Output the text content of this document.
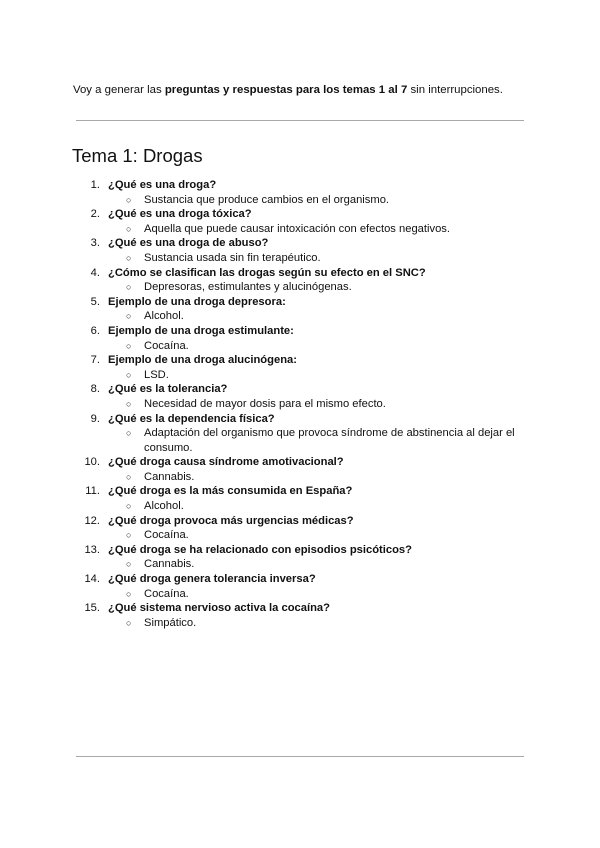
Voy a generar las preguntas y respuestas para los temas 1 al 7 sin interrupciones.

Tema 1: Drogas
1. ¿Qué es una droga?
○	Sustancia que produce cambios en el organismo.
2. ¿Qué es una droga tóxica?
○	Aquella que puede causar intoxicación con efectos negativos.
3. ¿Qué es una droga de abuso?
○	Sustancia usada sin fin terapéutico.
4. ¿Cómo se clasifican las drogas según su efecto en el SNC?
○	Depresoras, estimulantes y alucinógenas.
5. Ejemplo de una droga depresora:
○	Alcohol.
6. Ejemplo de una droga estimulante:
○	Cocaína.
7. Ejemplo de una droga alucinógena:
○	LSD.
8. ¿Qué es la tolerancia?
○	Necesidad de mayor dosis para el mismo efecto.
9. ¿Qué es la dependencia física?
○	Adaptación del organismo que provoca síndrome de abstinencia al dejar el consumo.
10. ¿Qué droga causa síndrome amotivacional?
○	Cannabis.
11. ¿Qué droga es la más consumida en España?
○	Alcohol.
12. ¿Qué droga provoca más urgencias médicas?
○	Cocaína.
13. ¿Qué droga se ha relacionado con episodios psicóticos?
○	Cannabis.
14. ¿Qué droga genera tolerancia inversa?
○	Cocaína.
15. ¿Qué sistema nervioso activa la cocaína?
○	Simpático.
